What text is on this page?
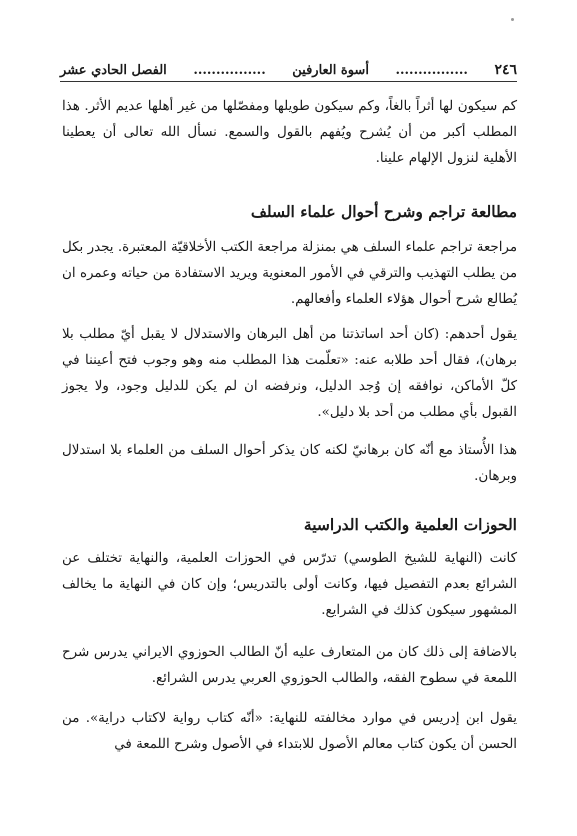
٢٤٦
................
أسوة العارفين
................
الفصل الحادي عشر

كم سيكون لها أثراً بالغاً، وكم سيكون طويلها ومفصّلها من غير أهلها عديم الأثر. هذا المطلب أكبر من أن يُشرح ويُفهم بالقول والسمع. نسأل الله تعالى أن يعطينا الأهلية لنزول الإلهام علينا.

مطالعة تراجم وشرح أحوال علماء السلف

مراجعة تراجم علماء السلف هي بمنزلة مراجعة الكتب الأخلاقيّة المعتبرة. يجدر بكل من يطلب التهذيب والترقي في الأمور المعنوية ويريد الاستفادة من حياته وعمره ان يُطالع شرح أحوال هؤلاء العلماء وأفعالهم.

يقول أحدهم: (كان أحد اساتذتنا من أهل البرهان والاستدلال لا يقبل أيّ مطلب بلا برهان)، فقال أحد طلابه عنه: «تعلّمت هذا المطلب منه وهو وجوب فتح أعيننا في كلّ الأماكن، نوافقه إن وُجد الدليل، ونرفضه ان لم يكن للدليل وجود، ولا يجوز القبول بأي مطلب من أحد بلا دليل».

هذا الأُستاذ مع أنّه كان برهانيّ لكنه كان يذكر أحوال السلف من العلماء بلا استدلال وبرهان.

الحوزات العلمية والكتب الدراسية

كانت (النهاية للشيخ الطوسي) تدرّس في الحوزات العلمية، والنهاية تختلف عن الشرائع بعدم التفصيل فيها، وكانت أولى بالتدريس؛ وإن كان في النهاية ما يخالف المشهور سيكون كذلك في الشرايع.

بالاضافة إلى ذلك كان من المتعارف عليه أنّ الطالب الحوزوي الايراني يدرس شرح اللمعة في سطوح الفقه، والطالب الحوزوي العربي يدرس الشرائع.

يقول ابن إدريس في موارد مخالفته للنهاية: «أنّه كتاب رواية لاكتاب دراية». من الحسن أن يكون كتاب معالم الأصول للابتداء في الأصول وشرح اللمعة في
